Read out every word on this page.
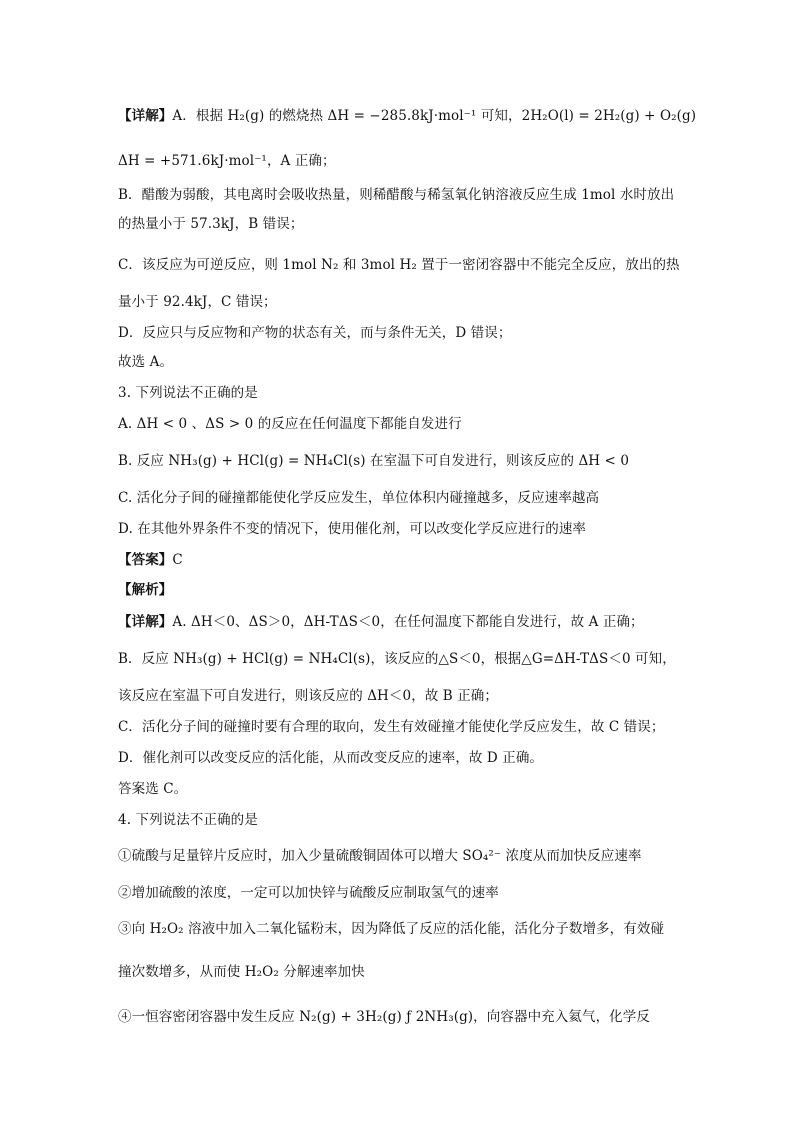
【详解】A．根据 H₂(g) 的燃烧热 ΔH = −285.8kJ·mol⁻¹ 可知，2H₂O(l) = 2H₂(g) + O₂(g)
ΔH = +571.6kJ·mol⁻¹，A 正确；
B．醋酸为弱酸，其电离时会吸收热量，则稀醋酸与稀氢氧化钠溶液反应生成 1mol 水时放出
的热量小于 57.3kJ，B 错误；
C．该反应为可逆反应，则 1mol N₂ 和 3mol H₂ 置于一密闭容器中不能完全反应，放出的热
量小于 92.4kJ，C 错误；
D．反应只与反应物和产物的状态有关，而与条件无关，D 错误；
故选 A。
3. 下列说法不正确的是
A. ΔH < 0 、ΔS > 0 的反应在任何温度下都能自发进行
B. 反应 NH₃(g) + HCl(g) = NH₄Cl(s) 在室温下可自发进行，则该反应的 ΔH < 0
C. 活化分子间的碰撞都能使化学反应发生，单位体积内碰撞越多，反应速率越高
D. 在其他外界条件不变的情况下，使用催化剂，可以改变化学反应进行的速率
【答案】C
【解析】
【详解】A. ΔH＜0、ΔS＞0，ΔH-TΔS＜0，在任何温度下都能自发进行，故 A 正确；
B．反应 NH₃(g) + HCl(g) = NH₄Cl(s)，该反应的△S＜0，根据△G=ΔH-TΔS＜0 可知，
该反应在室温下可自发进行，则该反应的 ΔH＜0，故 B 正确；
C．活化分子间的碰撞时要有合理的取向，发生有效碰撞才能使化学反应发生，故 C 错误；
D．催化剂可以改变反应的活化能，从而改变反应的速率，故 D 正确。
答案选 C。
4. 下列说法不正确的是
①硫酸与足量锌片反应时，加入少量硫酸铜固体可以增大 SO₄²⁻ 浓度从而加快反应速率
②增加硫酸的浓度，一定可以加快锌与硫酸反应制取氢气的速率
③向 H₂O₂ 溶液中加入二氧化锰粉末，因为降低了反应的活化能，活化分子数增多，有效碰
撞次数增多，从而使 H₂O₂ 分解速率加快
④一恒容密闭容器中发生反应 N₂(g) + 3H₂(g) ƒ 2NH₃(g)，向容器中充入氦气，化学反
